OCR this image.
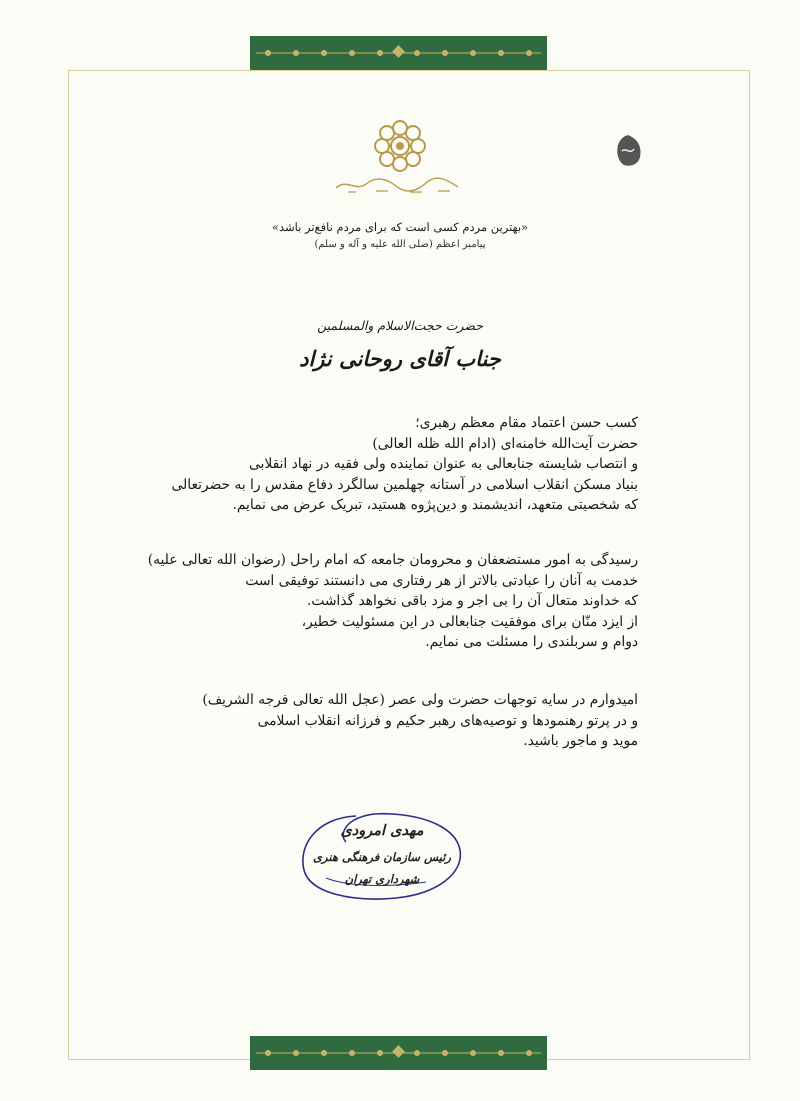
«بهترین مردم کسی است که برای مردم نافع‌تر باشد»
پیامبر اعظم (صلی الله علیه و آله و سلم)
حضرت حجت‌الاسلام والمسلمین
جناب آقای روحانی نژاد
کسب حسن اعتماد مقام معظم رهبری؛
حضرت آیت‌الله خامنه‌ای (ادام الله ظله العالی)
و انتصاب شایسته جنابعالی به عنوان نماینده ولی فقیه در نهاد انقلابی
بنیاد مسکن انقلاب اسلامی در آستانه چهلمین سالگرد دفاع مقدس را به حضرتعالی
که شخصیتی متعهد، اندیشمند و دین‌پژوه هستید، تبریک عرض می نمایم.
رسیدگی به امور مستضعفان و محرومان جامعه که امام راحل (رضوان الله تعالی علیه)
خدمت به آنان را عبادتی بالاتر از هر رفتاری می دانستند توفیقی است
که خداوند متعال آن را بی اجر و مزد باقی نخواهد گذاشت.
از ایزد منّان برای موفقیت جنابعالی در این مسئولیت خطیر،
دوام و سربلندی را مسئلت می نمایم.
امیدوارم در سایه توجهات حضرت ولی عصر (عجل الله تعالی فرجه الشریف)
و در پرتو رهنمودها و توصیه‌های رهبر حکیم و فرزانه انقلاب اسلامی
موید و ماجور باشید.
مهدی امرودی
رئیس سازمان فرهنگی هنری
شهرداری تهران
